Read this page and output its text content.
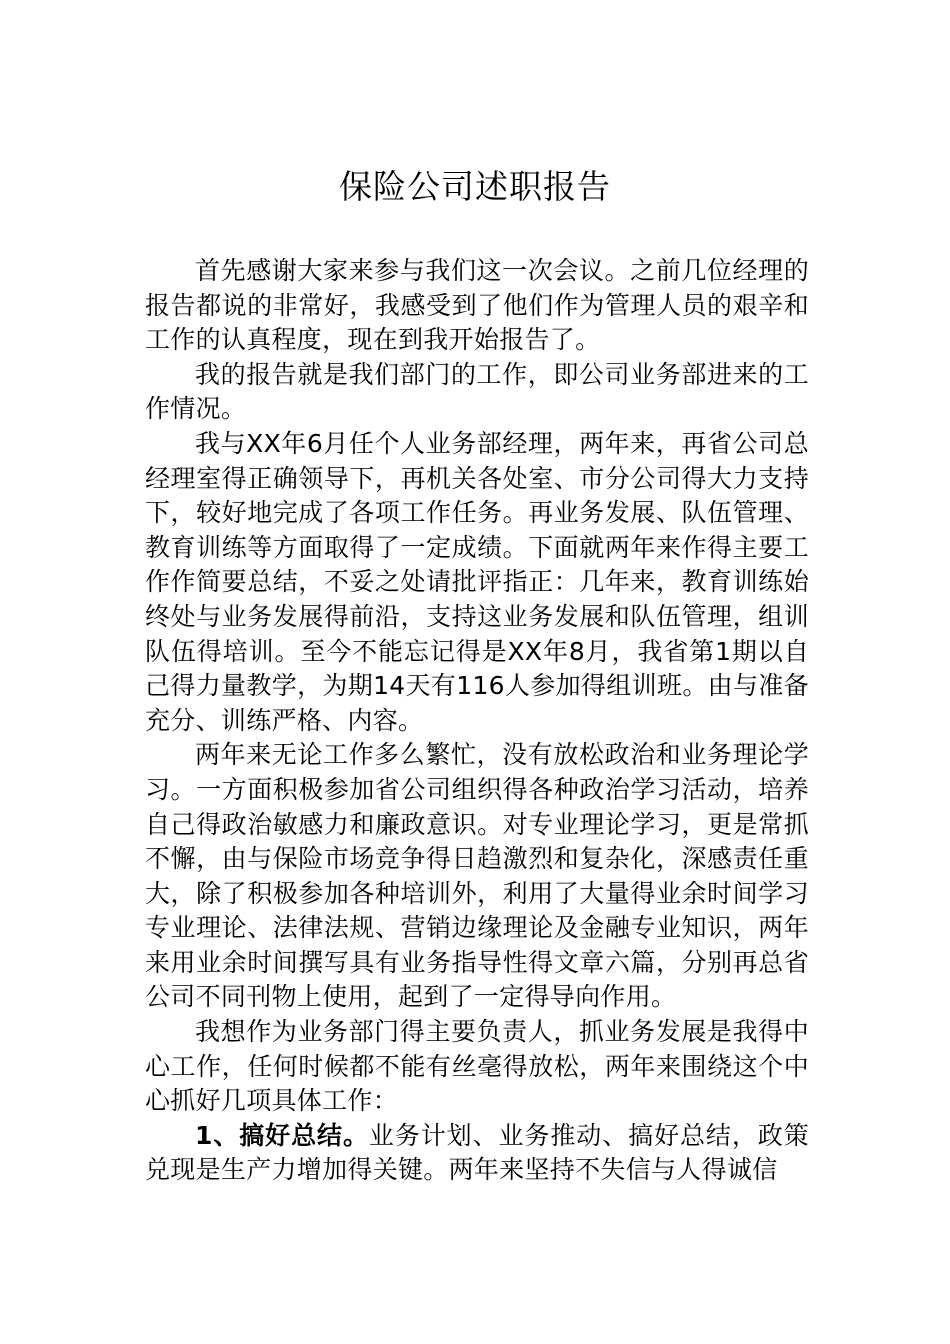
保险公司述职报告

首先感谢大家来参与我们这一次会议。之前几位经理的报告都说的非常好，我感受到了他们作为管理人员的艰辛和工作的认真程度，现在到我开始报告了。

我的报告就是我们部门的工作，即公司业务部进来的工作情况。

我与XX年6月任个人业务部经理，两年来，再省公司总经理室得正确领导下，再机关各处室、市分公司得大力支持下，较好地完成了各项工作任务。再业务发展、队伍管理、教育训练等方面取得了一定成绩。下面就两年来作得主要工作作简要总结，不妥之处请批评指正：几年来，教育训练始终处与业务发展得前沿，支持这业务发展和队伍管理，组训队伍得培训。至今不能忘记得是XX年8月，我省第1期以自己得力量教学，为期14天有116人参加得组训班。由与准备充分、训练严格、内容。

两年来无论工作多么繁忙，没有放松政治和业务理论学习。一方面积极参加省公司组织得各种政治学习活动，培养自己得政治敏感力和廉政意识。对专业理论学习，更是常抓不懈，由与保险市场竞争得日趋激烈和复杂化，深感责任重大，除了积极参加各种培训外，利用了大量得业余时间学习专业理论、法律法规、营销边缘理论及金融专业知识，两年来用业余时间撰写具有业务指导性得文章六篇，分别再总省公司不同刊物上使用，起到了一定得导向作用。

我想作为业务部门得主要负责人，抓业务发展是我得中心工作，任何时候都不能有丝毫得放松，两年来围绕这个中心抓好几项具体工作：

1、搞好总结。业务计划、业务推动、搞好总结，政策兑现是生产力增加得关键。两年来坚持不失信与人得诚信
